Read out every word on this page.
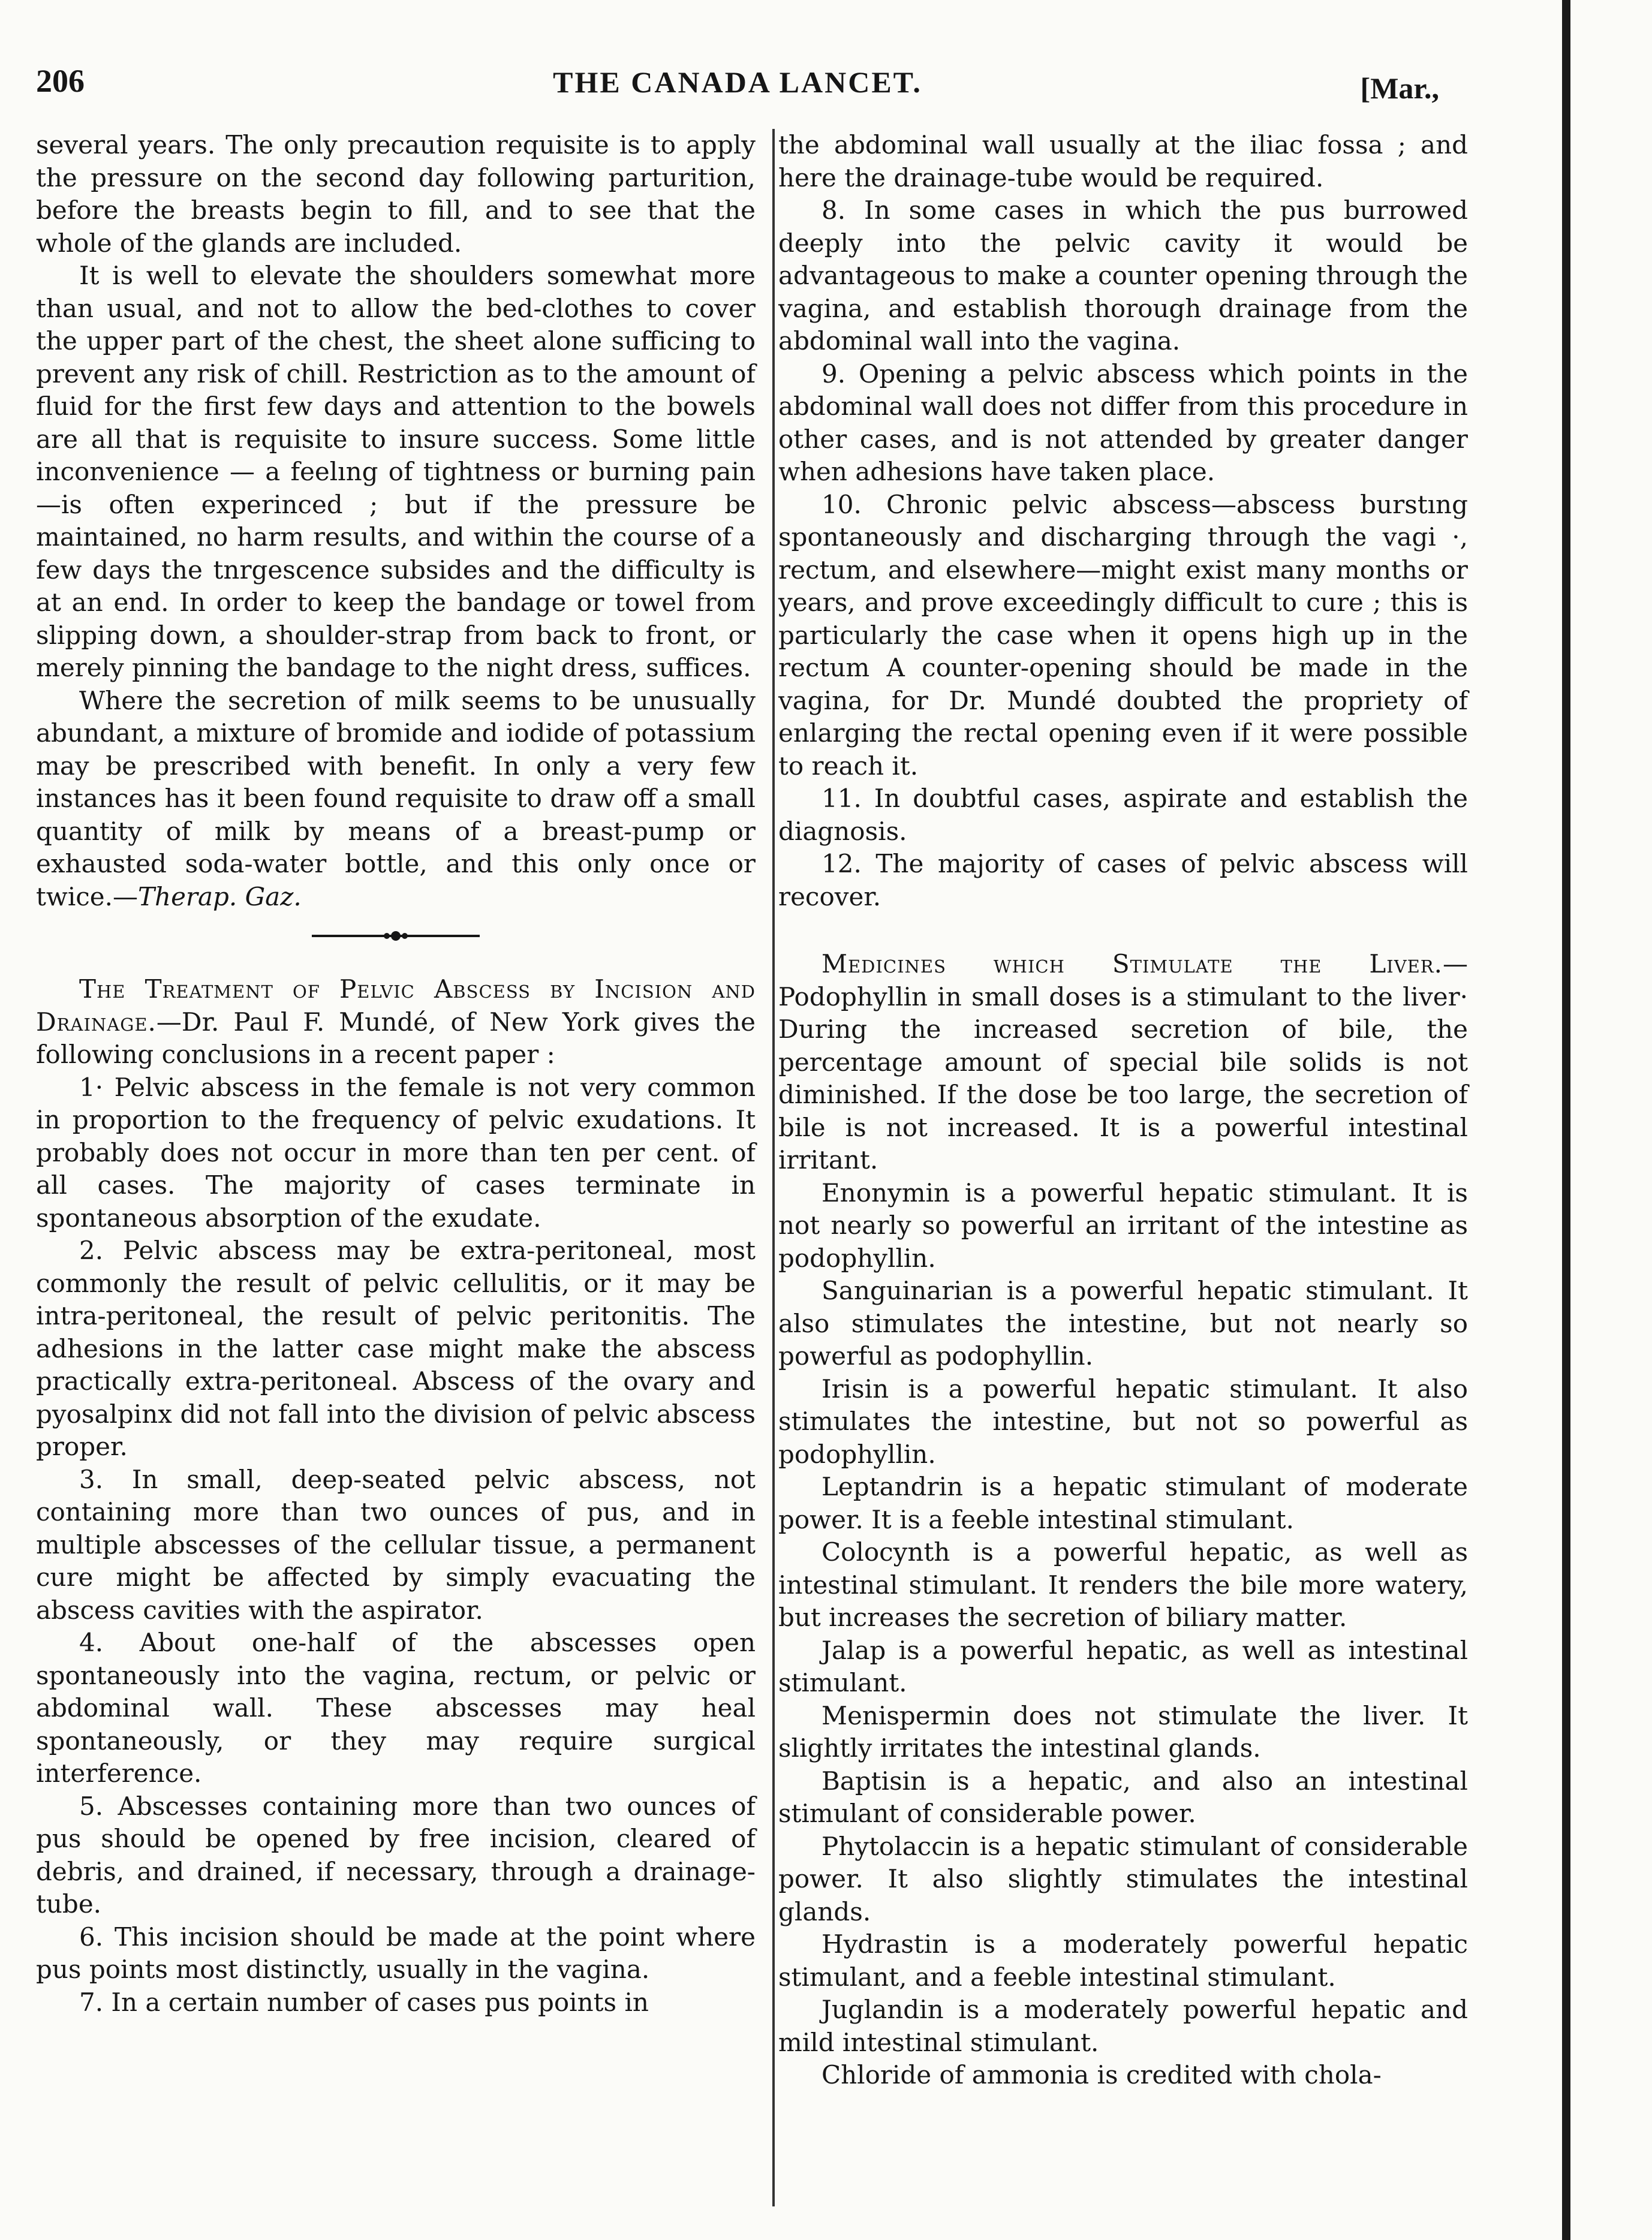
206	THE CANADA LANCET.	[Mar.,

several years. The only precaution requisite is to apply the pressure on the second day following parturition, before the breasts begin to fill, and to see that the whole of the glands are included.

It is well to elevate the shoulders somewhat more than usual, and not to allow the bed-clothes to cover the upper part of the chest, the sheet alone sufficing to prevent any risk of chill. Restriction as to the amount of fluid for the first few days and attention to the bowels are all that is requisite to insure success. Some little inconvenience — a feelıng of tightness or burning pain—is often experinced ; but if the pressure be maintained, no harm results, and within the course of a few days the tnrgescence subsides and the difficulty is at an end. In order to keep the bandage or towel from slipping down, a shoulder-strap from back to front, or merely pinning the bandage to the night dress, suffices.

Where the secretion of milk seems to be unusually abundant, a mixture of bromide and iodide of potassium may be prescribed with benefit. In only a very few instances has it been found requisite to draw off a small quantity of milk by means of a breast-pump or exhausted soda-water bottle, and this only once or twice.—Therap. Gaz.

The Treatment of Pelvic Abscess by Incision and Drainage.—Dr. Paul F. Mundé, of New York gives the following conclusions in a recent paper :

1· Pelvic abscess in the female is not very common in proportion to the frequency of pelvic exudations. It probably does not occur in more than ten per cent. of all cases. The majority of cases terminate in spontaneous absorption of the exudate.

2. Pelvic abscess may be extra-peritoneal, most commonly the result of pelvic cellulitis, or it may be intra-peritoneal, the result of pelvic peritonitis. The adhesions in the latter case might make the abscess practically extra-peritoneal. Abscess of the ovary and pyosalpinx did not fall into the division of pelvic abscess proper.

3. In small, deep-seated pelvic abscess, not containing more than two ounces of pus, and in multiple abscesses of the cellular tissue, a permanent cure might be affected by simply evacuating the abscess cavities with the aspirator.

4. About one-half of the abscesses open spontaneously into the vagina, rectum, or pelvic or abdominal wall. These abscesses may heal spontaneously, or they may require surgical interference.

5. Abscesses containing more than two ounces of pus should be opened by free incision, cleared of debris, and drained, if necessary, through a drainage-tube.

6. This incision should be made at the point where pus points most distinctly, usually in the vagina.

7. In a certain number of cases pus points in

the abdominal wall usually at the iliac fossa ; and here the drainage-tube would be required.

8. In some cases in which the pus burrowed deeply into the pelvic cavity it would be advantageous to make a counter opening through the vagina, and establish thorough drainage from the abdominal wall into the vagina.

9. Opening a pelvic abscess which points in the abdominal wall does not differ from this procedure in other cases, and is not attended by greater danger when adhesions have taken place.

10. Chronic pelvic abscess—abscess burstıng spontaneously and discharging through the vagi ·, rectum, and elsewhere—might exist many months or years, and prove exceedingly difficult to cure ; this is particularly the case when it opens high up in the rectum A counter-opening should be made in the vagina, for Dr. Mundé doubted the propriety of enlarging the rectal opening even if it were possible to reach it.

11. In doubtful cases, aspirate and establish the diagnosis.

12. The majority of cases of pelvic abscess will recover.

Medicines which Stimulate the Liver.— Podophyllin in small doses is a stimulant to the liver· During the increased secretion of bile, the percentage amount of special bile solids is not diminished. If the dose be too large, the secretion of bile is not increased. It is a powerful intestinal irritant.

Enonymin is a powerful hepatic stimulant. It is not nearly so powerful an irritant of the intestine as podophyllin.

Sanguinarian is a powerful hepatic stimulant. It also stimulates the intestine, but not nearly so powerful as podophyllin.

Irisin is a powerful hepatic stimulant. It also stimulates the intestine, but not so powerful as podophyllin.

Leptandrin is a hepatic stimulant of moderate power. It is a feeble intestinal stimulant.

Colocynth is a powerful hepatic, as well as intestinal stimulant. It renders the bile more watery, but increases the secretion of biliary matter.

Jalap is a powerful hepatic, as well as intestinal stimulant.

Menispermin does not stimulate the liver. It slightly irritates the intestinal glands.

Baptisin is a hepatic, and also an intestinal stimulant of considerable power.

Phytolaccin is a hepatic stimulant of considerable power. It also slightly stimulates the intestinal glands.

Hydrastin is a moderately powerful hepatic stimulant, and a feeble intestinal stimulant.

Juglandin is a moderately powerful hepatic and mild intestinal stimulant.

Chloride of ammonia is credited with chola-
